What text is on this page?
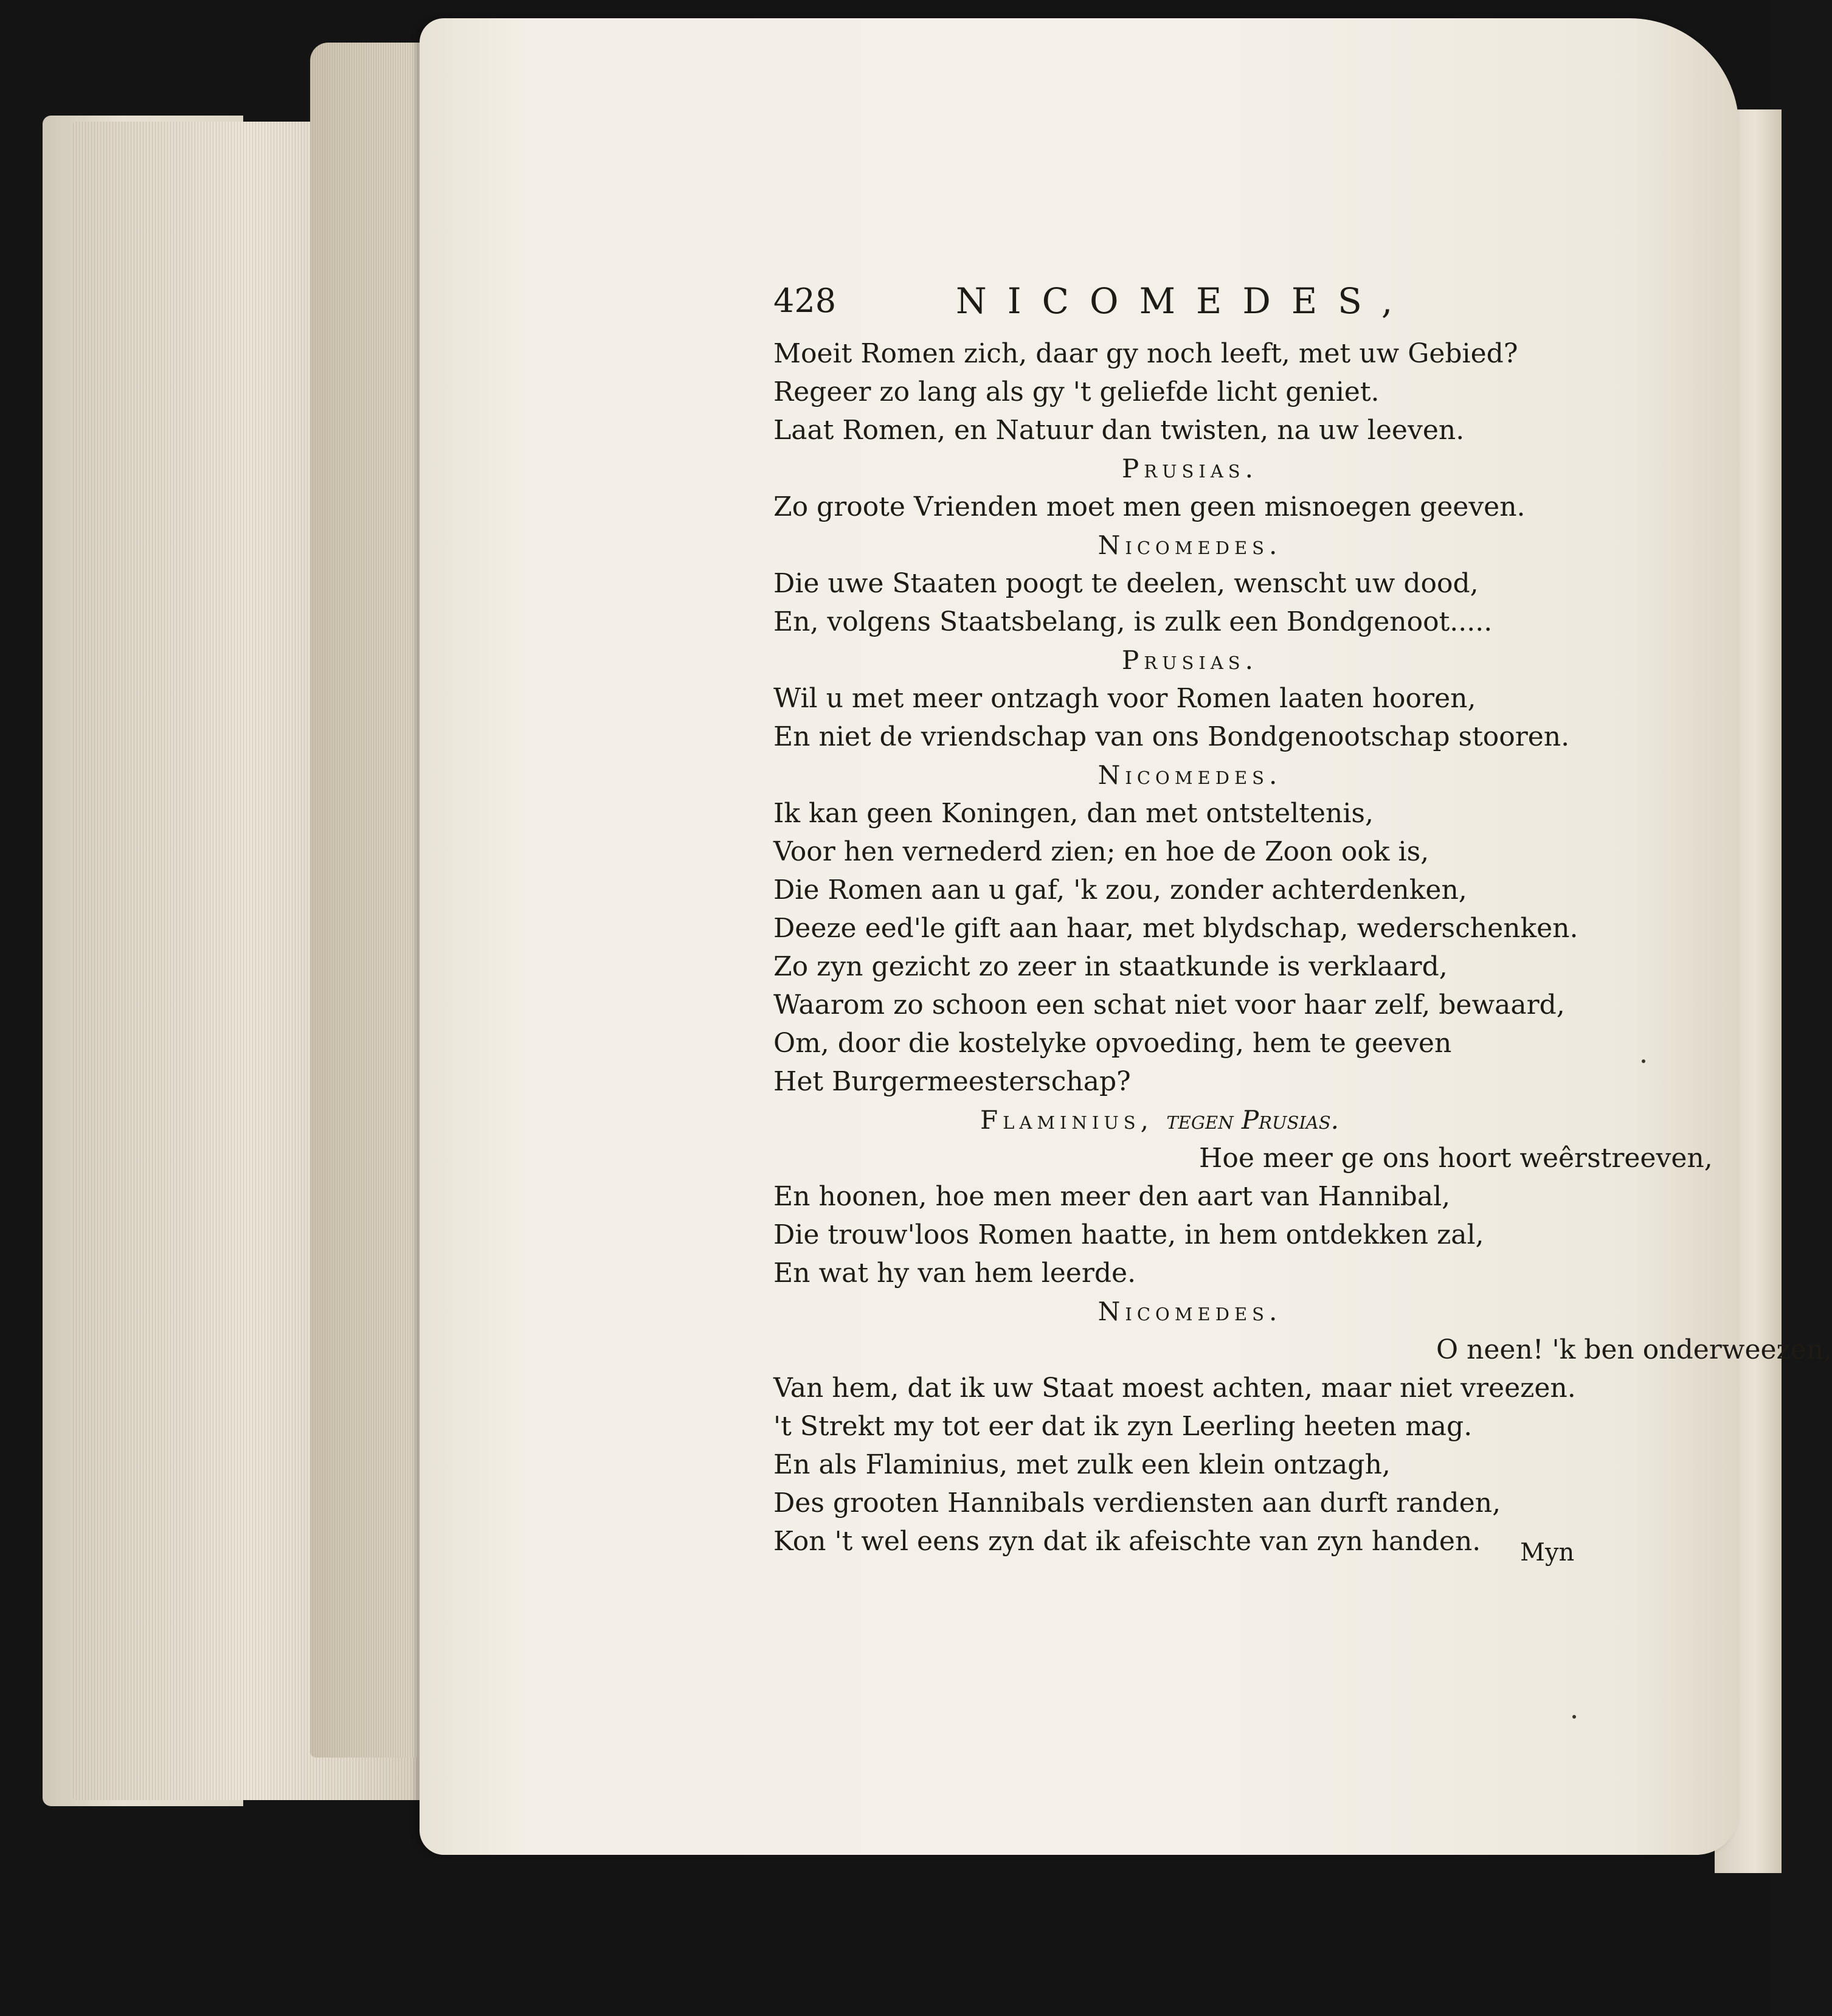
428	NICOMEDES,
Moeit Romen zich, daar gy noch leeft, met uw Gebied?
Regeer zo lang als gy 't geliefde licht geniet.
Laat Romen, en Natuur dan twisten, na uw leeven.
Prusias.
Zo groote Vrienden moet men geen misnoegen geeven.
Nicomedes.
Die uwe Staaten poogt te deelen, wenscht uw dood,
En, volgens Staatsbelang, is zulk een Bondgenoot.....
Prusias.
Wil u met meer ontzagh voor Romen laaten hooren,
En niet de vriendschap van ons Bondgenootschap stooren.
Nicomedes.
Ik kan geen Koningen, dan met ontsteltenis,
Voor hen vernederd zien; en hoe de Zoon ook is,
Die Romen aan u gaf, 'k zou, zonder achterdenken,
Deeze eed'le gift aan haar, met blydschap, wederschenken.
Zo zyn gezicht zo zeer in staatkunde is verklaard,
Waarom zo schoon een schat niet voor haar zelf, bewaard,
Om, door die kostelyke opvoeding, hem te geeven
Het Burgermeesterschap?
Flaminius, tegen Prusias.
Hoe meer ge ons hoort weêrstreeven,
En hoonen, hoe men meer den aart van Hannibal,
Die trouw'loos Romen haatte, in hem ontdekken zal,
En wat hy van hem leerde.
Nicomedes.
O neen! 'k ben onderweezen,
Van hem, dat ik uw Staat moest achten, maar niet vreezen.
't Strekt my tot eer dat ik zyn Leerling heeten mag.
En als Flaminius, met zulk een klein ontzagh,
Des grooten Hannibals verdiensten aan durft randen,
Kon 't wel eens zyn dat ik afeischte van zyn handen.	Myn
